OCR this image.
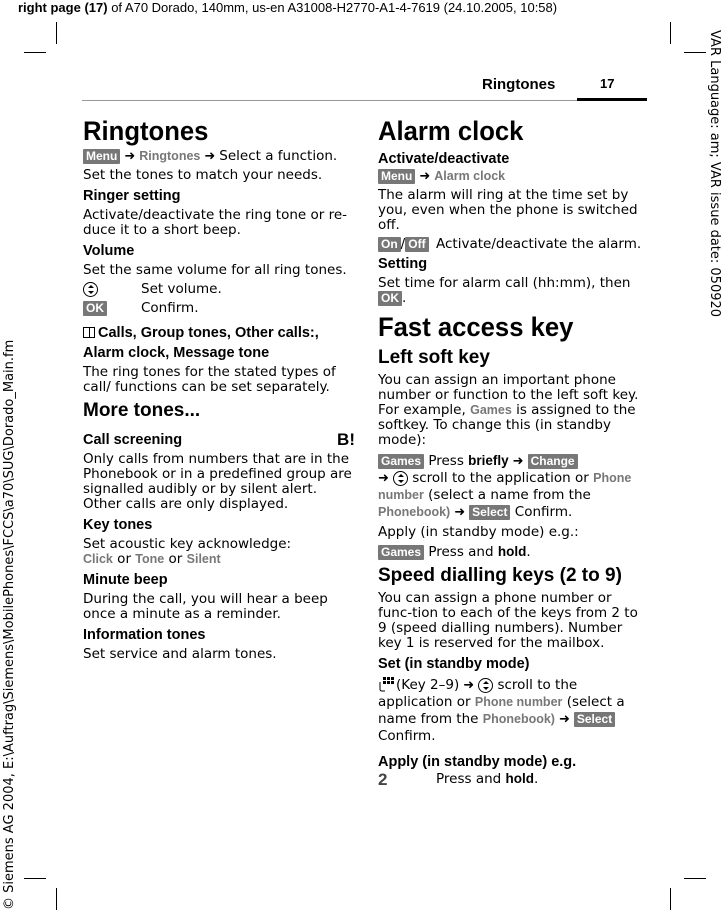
right page (17) of A70 Dorado, 140mm, us-en A31008-H2770-A1-4-7619 (24.10.2005, 10:58)
VAR Language: am; VAR issue date: 050920
© Siemens AG 2004, E:\Auftrag\Siemens\MobilePhones\FCCS\a70\SUG\Dorado_Main.fm
Ringtones	17
Ringtones
Menu ➜ Ringtones ➜ Select a function.
Set the tones to match your needs.
Ringer setting
Activate/deactivate the ring tone or re-duce it to a short beep.
Volume
Set the same volume for all ring tones.
Set volume.
OK	Confirm.
Calls, Group tones, Other calls:,
Alarm clock, Message tone
The ring tones for the stated types of call/ functions can be set separately.
More tones...
Call screening	B!
Only calls from numbers that are in the Phonebook or in a predefined group are signalled audibly or by silent alert. Other calls are only displayed.
Key tones
Set acoustic key acknowledge:
Click or Tone or Silent
Minute beep
During the call, you will hear a beep once a minute as a reminder.
Information tones
Set service and alarm tones.
Alarm clock
Activate/deactivate
Menu ➜ Alarm clock
The alarm will ring at the time set by you, even when the phone is switched off.
On / Off Activate/deactivate the alarm.
Setting
Set time for alarm call (hh:mm), then OK .
Fast access key
Left soft key
You can assign an important phone number or function to the left soft key. For example, Games is assigned to the softkey. To change this (in standby mode):
Games Press briefly ➜ Change
➜ scroll to the application or Phone number (select a name from the Phonebook) ➜ Select Confirm.
Apply (in standby mode) e.g.:
Games Press and hold.
Speed dialling keys (2 to 9)
You can assign a phone number or func-tion to each of the keys from 2 to 9 (speed dialling numbers). Number key 1 is reserved for the mailbox.
Set (in standby mode)
(Key 2–9) ➜ scroll to the application or Phone number (select a name from the Phonebook) ➜ Select
Confirm.
Apply (in standby mode) e.g.
2	Press and hold.
